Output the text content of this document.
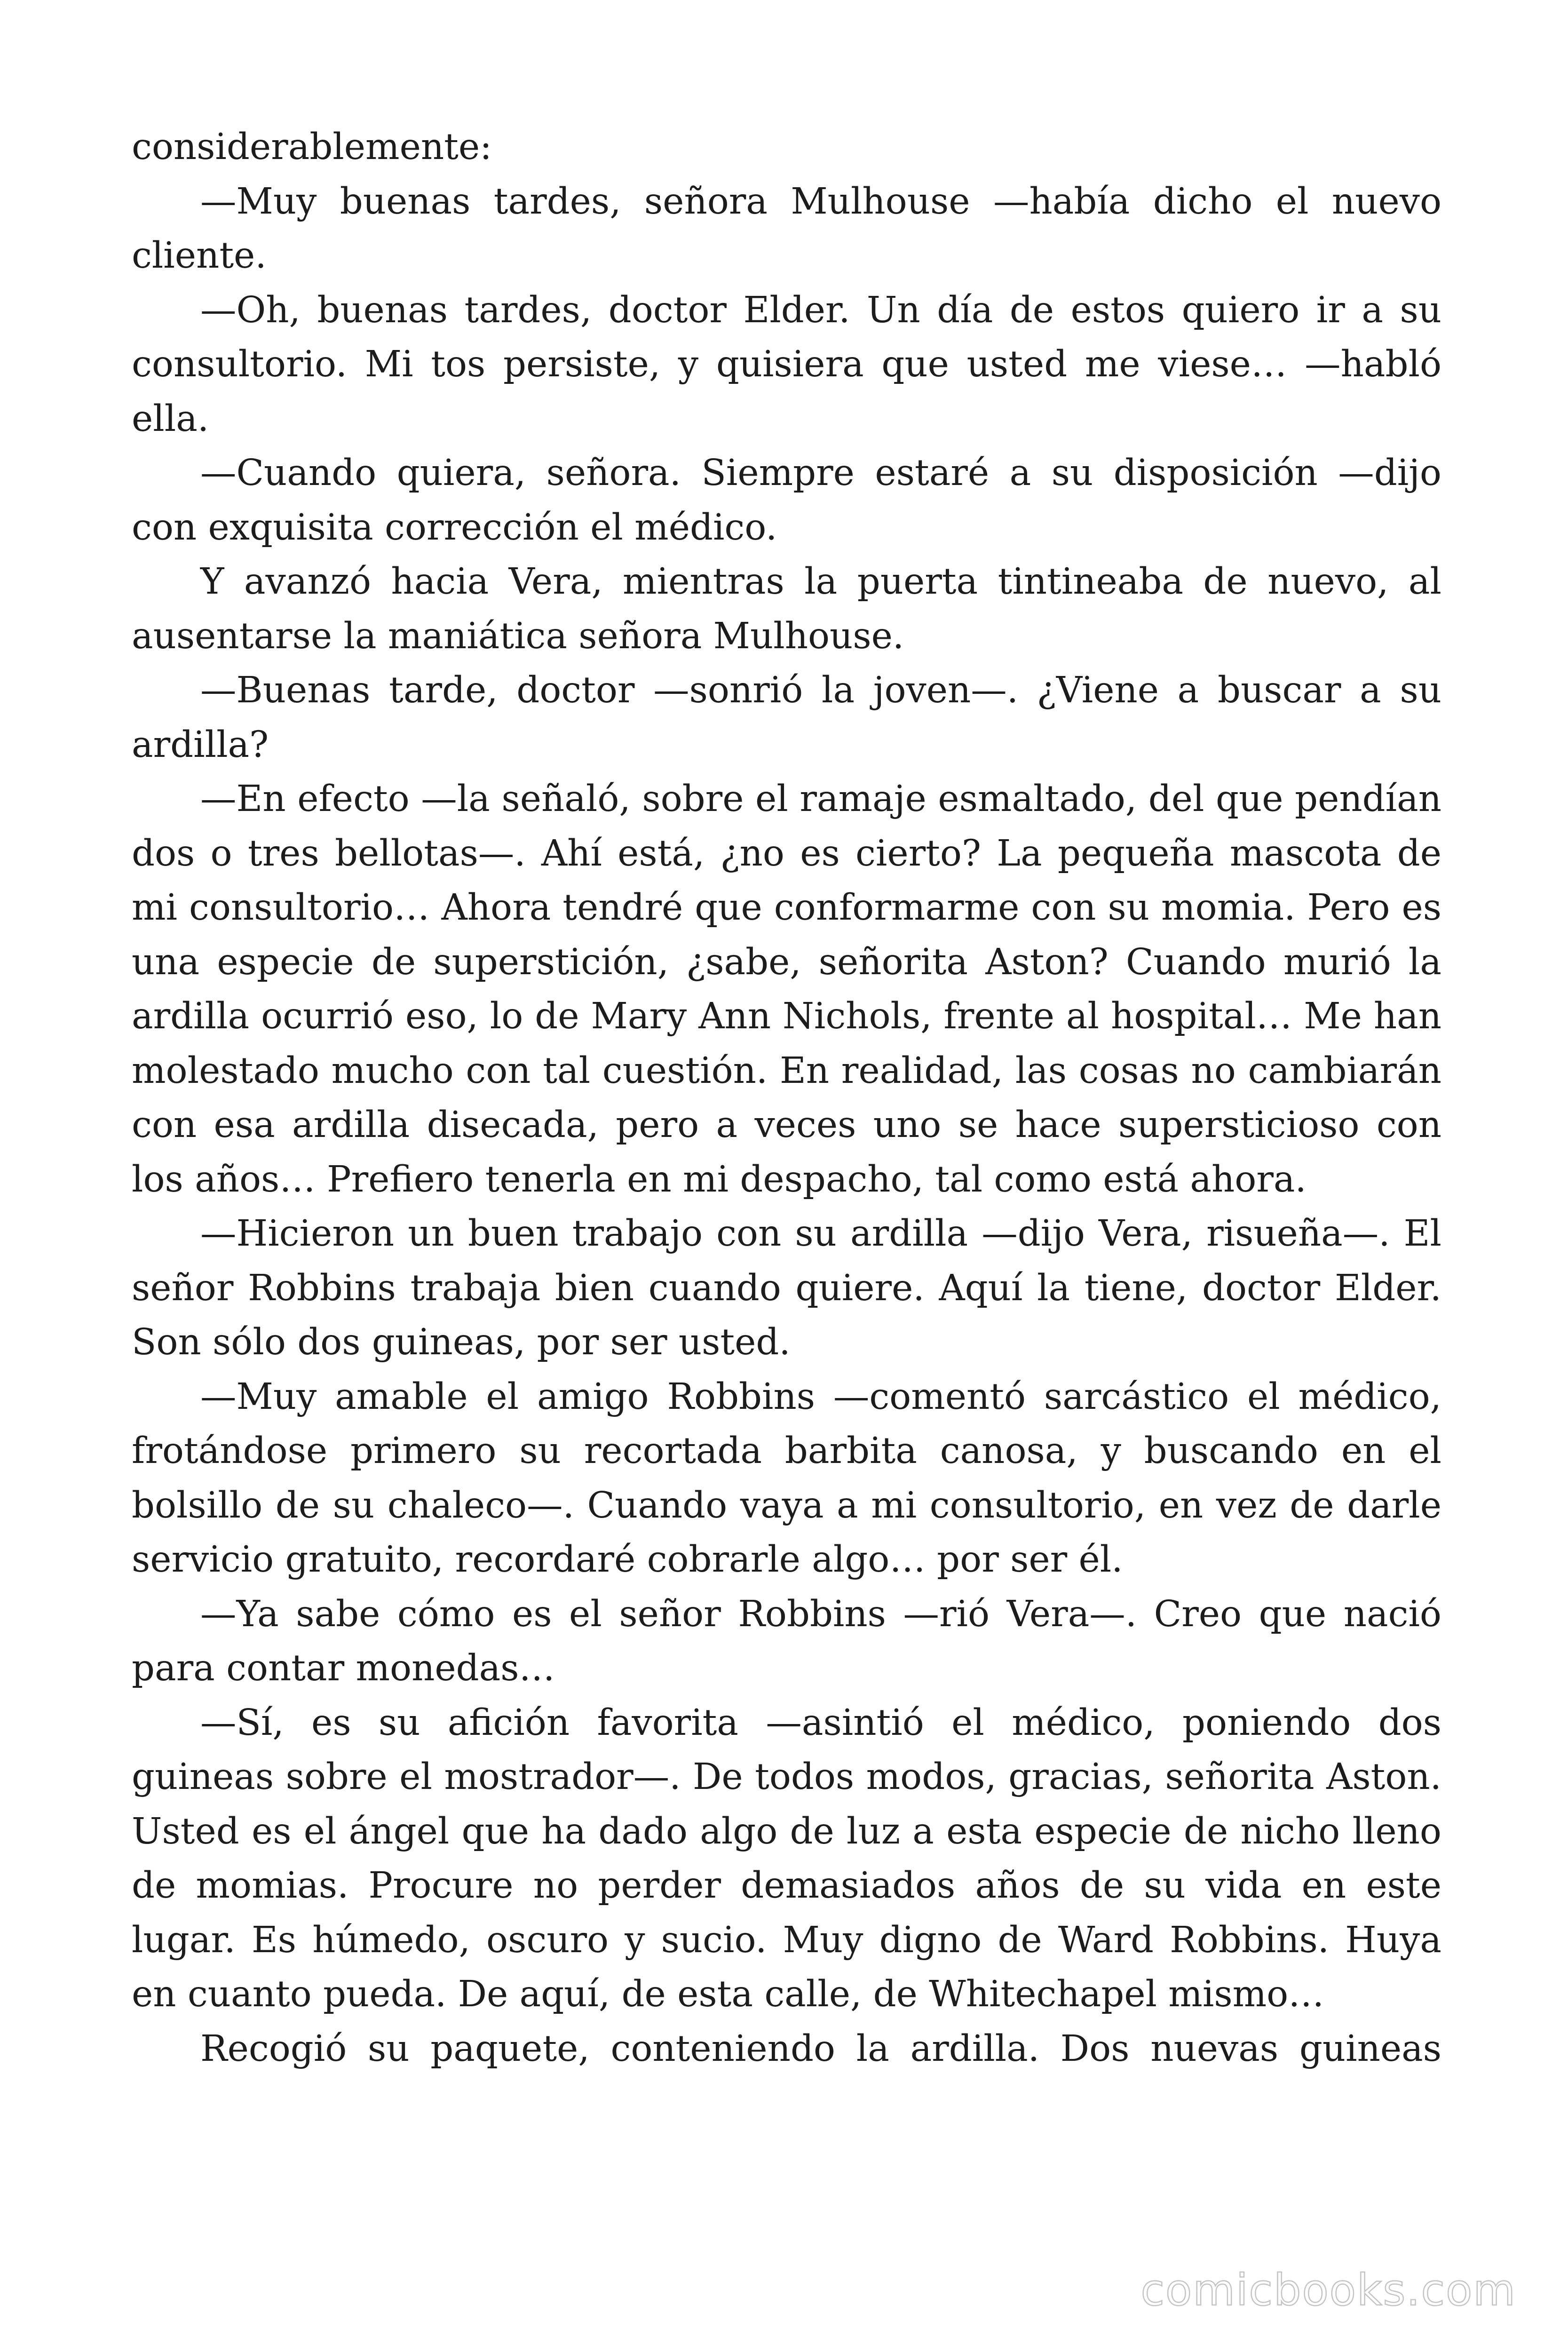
considerablemente:

—Muy buenas tardes, señora Mulhouse —había dicho el nuevo cliente.

—Oh, buenas tardes, doctor Elder. Un día de estos quiero ir a su consultorio. Mi tos persiste, y quisiera que usted me viese… —habló ella.

—Cuando quiera, señora. Siempre estaré a su disposición —dijo con exquisita corrección el médico.

Y avanzó hacia Vera, mientras la puerta tintineaba de nuevo, al ausentarse la maniática señora Mulhouse.

—Buenas tarde, doctor —sonrió la joven—. ¿Viene a buscar a su ardilla?

—En efecto —la señaló, sobre el ramaje esmaltado, del que pendían dos o tres bellotas—. Ahí está, ¿no es cierto? La pequeña mascota de mi consultorio… Ahora tendré que conformarme con su momia. Pero es una especie de superstición, ¿sabe, señorita Aston? Cuando murió la ardilla ocurrió eso, lo de Mary Ann Nichols, frente al hospital… Me han molestado mucho con tal cuestión. En realidad, las cosas no cambiarán con esa ardilla disecada, pero a veces uno se hace supersticioso con los años… Prefiero tenerla en mi despacho, tal como está ahora.

—Hicieron un buen trabajo con su ardilla —dijo Vera, risueña—. El señor Robbins trabaja bien cuando quiere. Aquí la tiene, doctor Elder. Son sólo dos guineas, por ser usted.

—Muy amable el amigo Robbins —comentó sarcástico el médico, frotándose primero su recortada barbita canosa, y buscando en el bolsillo de su chaleco—. Cuando vaya a mi consultorio, en vez de darle servicio gratuito, recordaré cobrarle algo… por ser él.

—Ya sabe cómo es el señor Robbins —rió Vera—. Creo que nació para contar monedas…

—Sí, es su afición favorita —asintió el médico, poniendo dos guineas sobre el mostrador—. De todos modos, gracias, señorita Aston. Usted es el ángel que ha dado algo de luz a esta especie de nicho lleno de momias. Procure no perder demasiados años de su vida en este lugar. Es húmedo, oscuro y sucio. Muy digno de Ward Robbins. Huya en cuanto pueda. De aquí, de esta calle, de Whitechapel mismo…

Recogió su paquete, conteniendo la ardilla. Dos nuevas guineas

comicbooks.com
